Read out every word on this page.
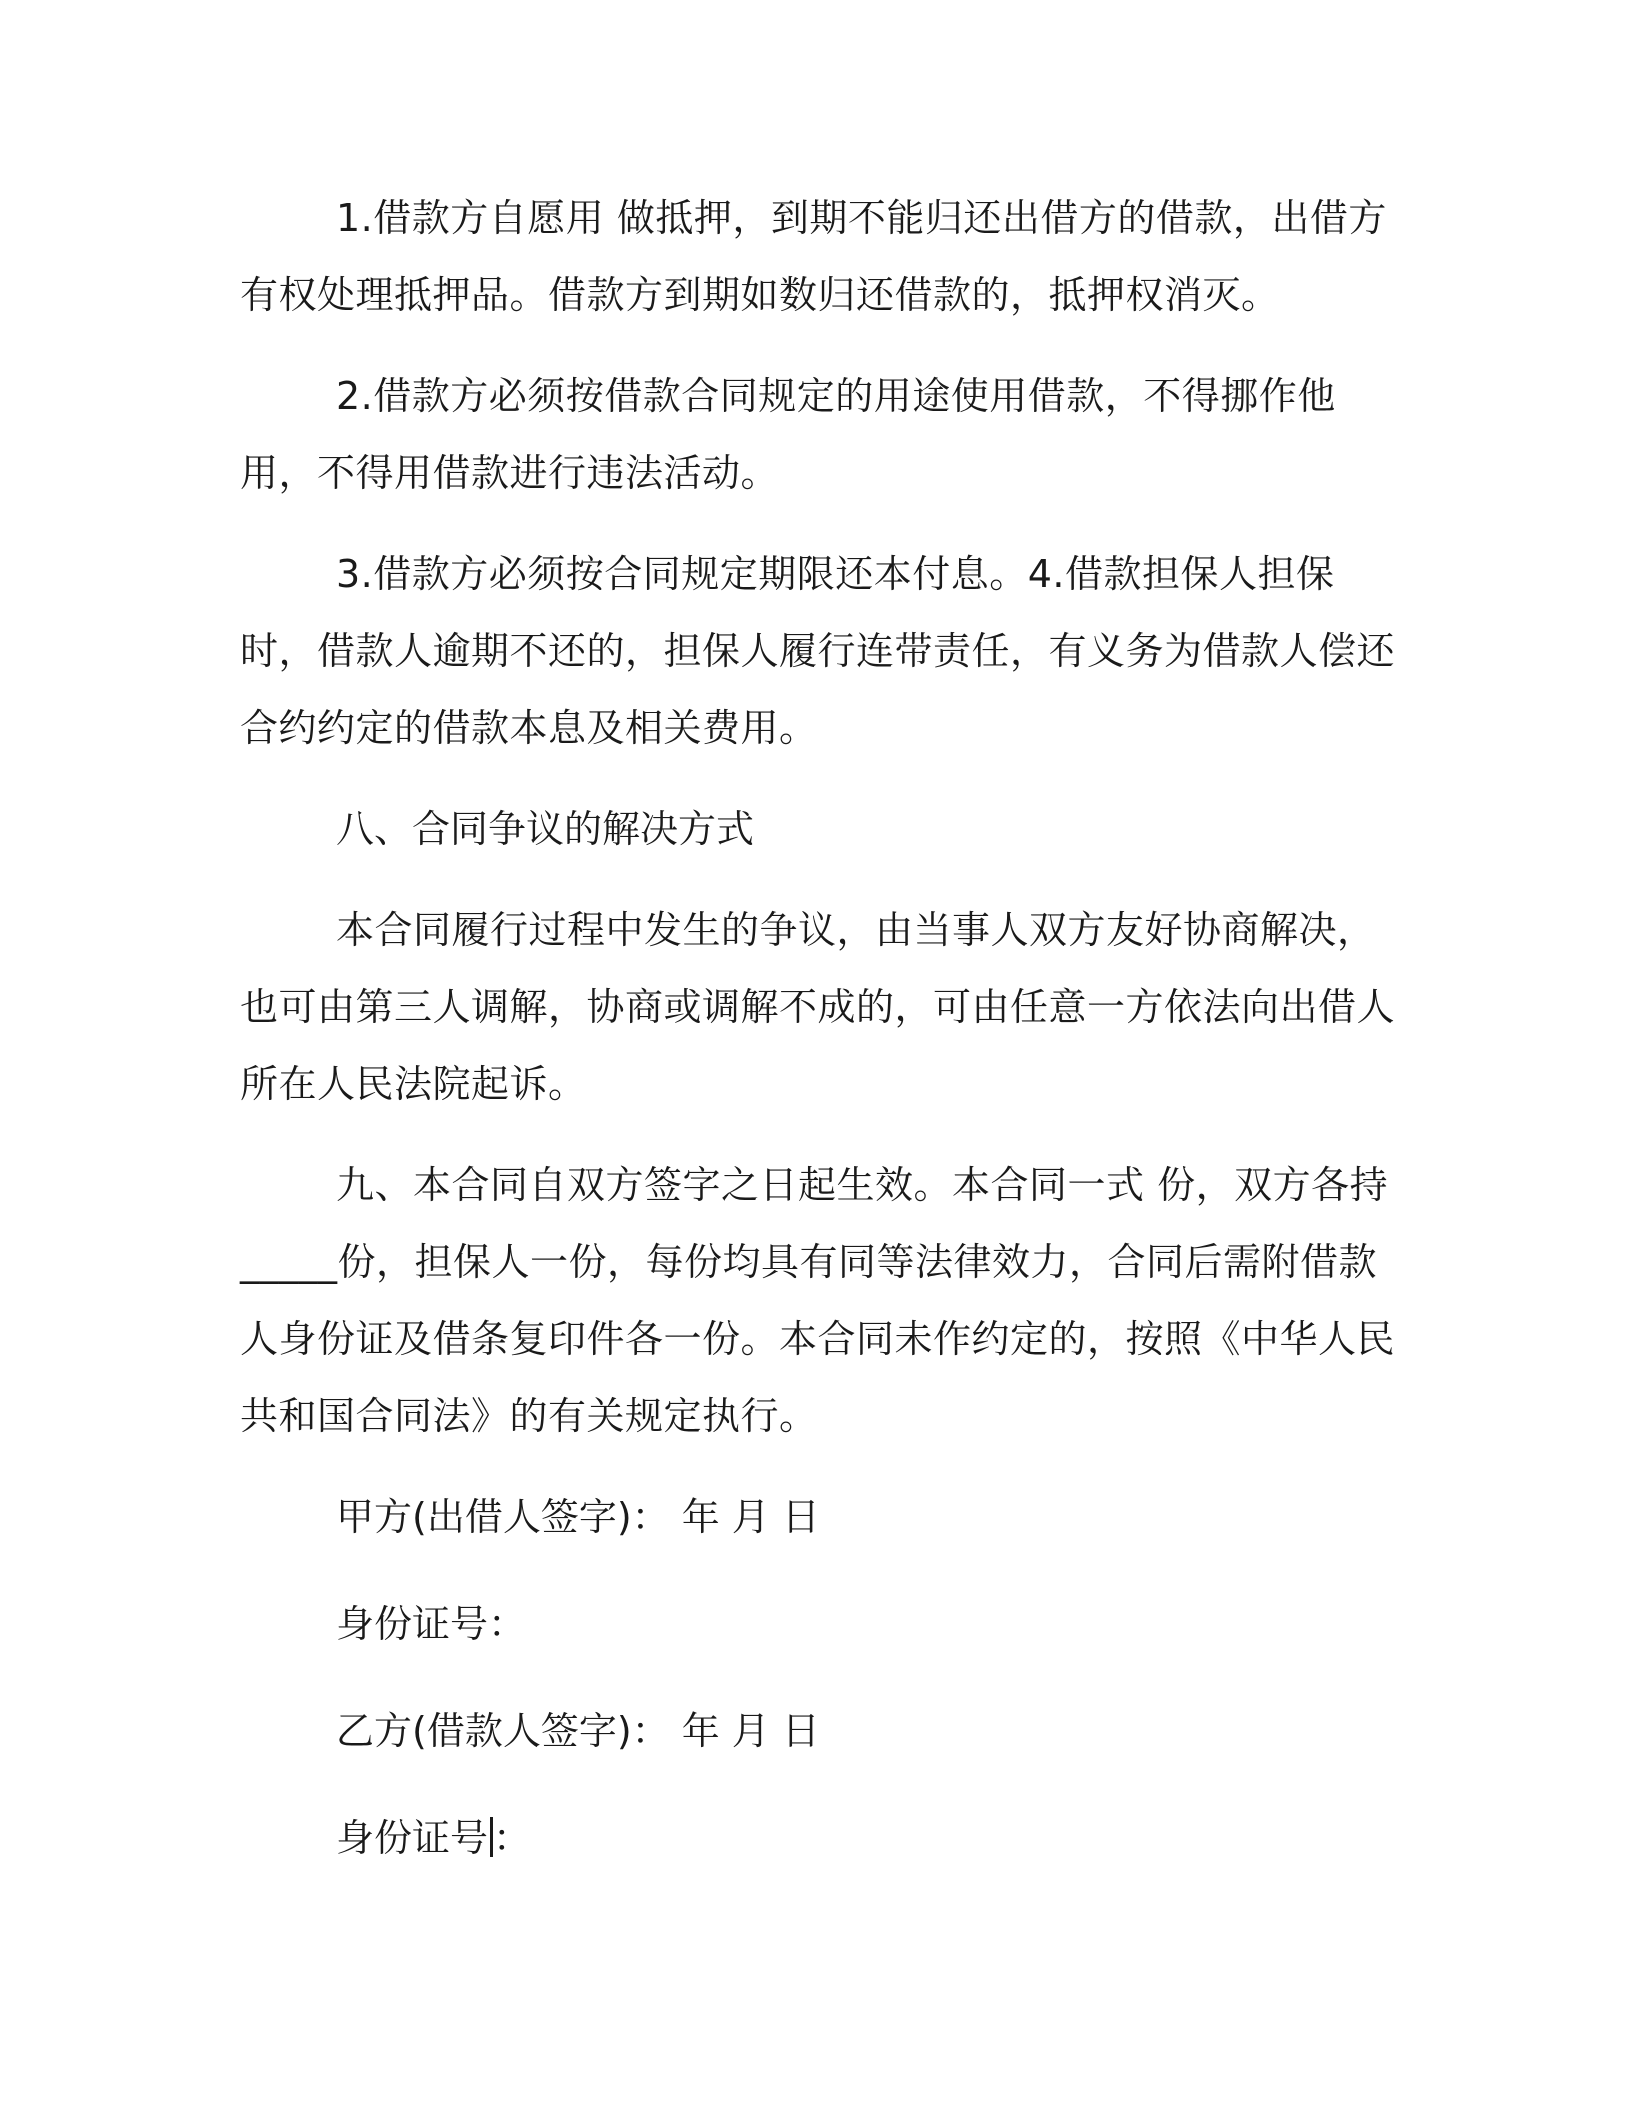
1.借款方自愿用 做抵押，到期不能归还出借方的借款，出借方有权处理抵押品。借款方到期如数归还借款的，抵押权消灭。

2.借款方必须按借款合同规定的用途使用借款，不得挪作他用，不得用借款进行违法活动。

3.借款方必须按合同规定期限还本付息。4.借款担保人担保时，借款人逾期不还的，担保人履行连带责任，有义务为借款人偿还合约约定的借款本息及相关费用。

八、合同争议的解决方式

本合同履行过程中发生的争议，由当事人双方友好协商解决，也可由第三人调解，协商或调解不成的，可由任意一方依法向出借人所在人民法院起诉。

九、本合同自双方签字之日起生效。本合同一式 份，双方各持_____份，担保人一份，每份均具有同等法律效力，合同后需附借款人身份证及借条复印件各一份。本合同未作约定的，按照《中华人民共和国合同法》的有关规定执行。

甲方(出借人签字)： 年 月 日

身份证号：

乙方(借款人签字)： 年 月 日

身份证号 ：
